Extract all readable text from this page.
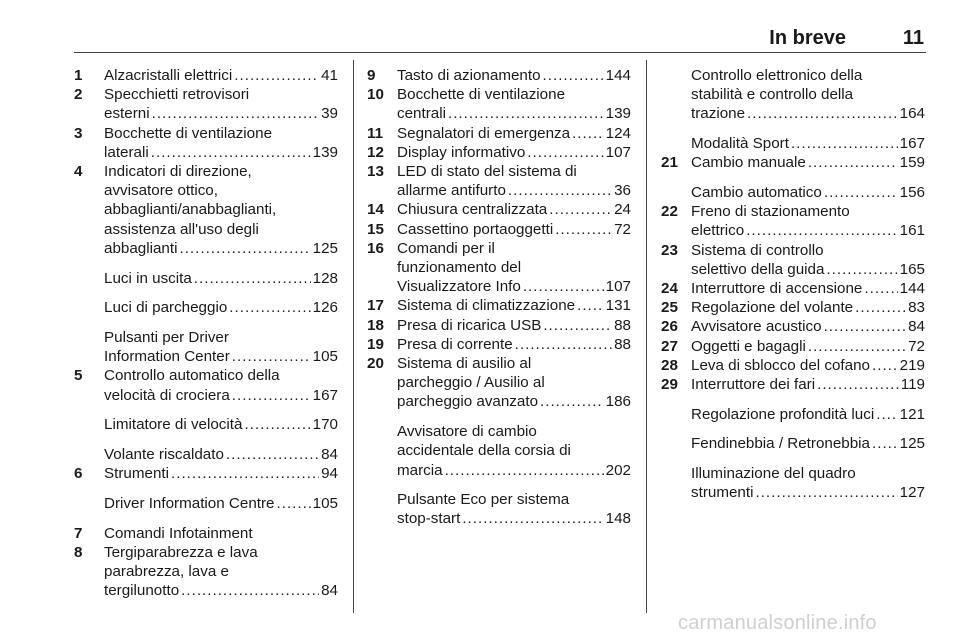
In breve	11
1	Alzacristalli elettrici .....	41
2	Specchietti retrovisori
esterni .....	39
3	Bocchette di ventilazione
laterali .....	139
4	Indicatori di direzione,
avvisatore ottico,
abbaglianti/anabbaglianti,
assistenza all'uso degli
abbaglianti .....	125
Luci in uscita .....	128
Luci di parcheggio .....	126
Pulsanti per Driver
Information Center .....	105
5	Controllo automatico della
velocità di crociera .....	167
Limitatore di velocità .....	170
Volante riscaldato .....	84
6	Strumenti .....	94
Driver Information Centre .....	105
7	Comandi Infotainment
8	Tergiparabrezza e lava
parabrezza, lava e
tergilunotto .....	84
9	Tasto di azionamento .....	144
10 Bocchette di ventilazione
centrali .....	139
11 Segnalatori di emergenza ..... 124
12 Display informativo .....	107
13 LED di stato del sistema di
allarme antifurto .....	36
14 Chiusura centralizzata .....	24
15 Cassettino portaoggetti .....	72
16 Comandi per il
funzionamento del
Visualizzatore Info .....	107
17 Sistema di climatizzazione ..... 131
18 Presa di ricarica USB .....	88
19 Presa di corrente .....	88
20 Sistema di ausilio al
parcheggio / Ausilio al
parcheggio avanzato .....	186
Avvisatore di cambio
accidentale della corsia di
marcia .....	202
Pulsante Eco per sistema
stop-start .....	148
Controllo elettronico della
stabilità e controllo della
trazione .....	164
Modalità Sport .....	167
21 Cambio manuale .....	159
Cambio automatico .....	156
22 Freno di stazionamento
elettrico .....	161
23 Sistema di controllo
selettivo della guida .....	165
24 Interruttore di accensione ..... 144
25 Regolazione del volante .....	83
26 Avvisatore acustico .....	84
27 Oggetti e bagagli .....	72
28 Leva di sblocco del cofano ..... 219
29 Interruttore dei fari .....	119
Regolazione profondità luci ..... 121
Fendinebbia / Retronebbia ..... 125
Illuminazione del quadro
strumenti .....	127
carmanualsonline.info
